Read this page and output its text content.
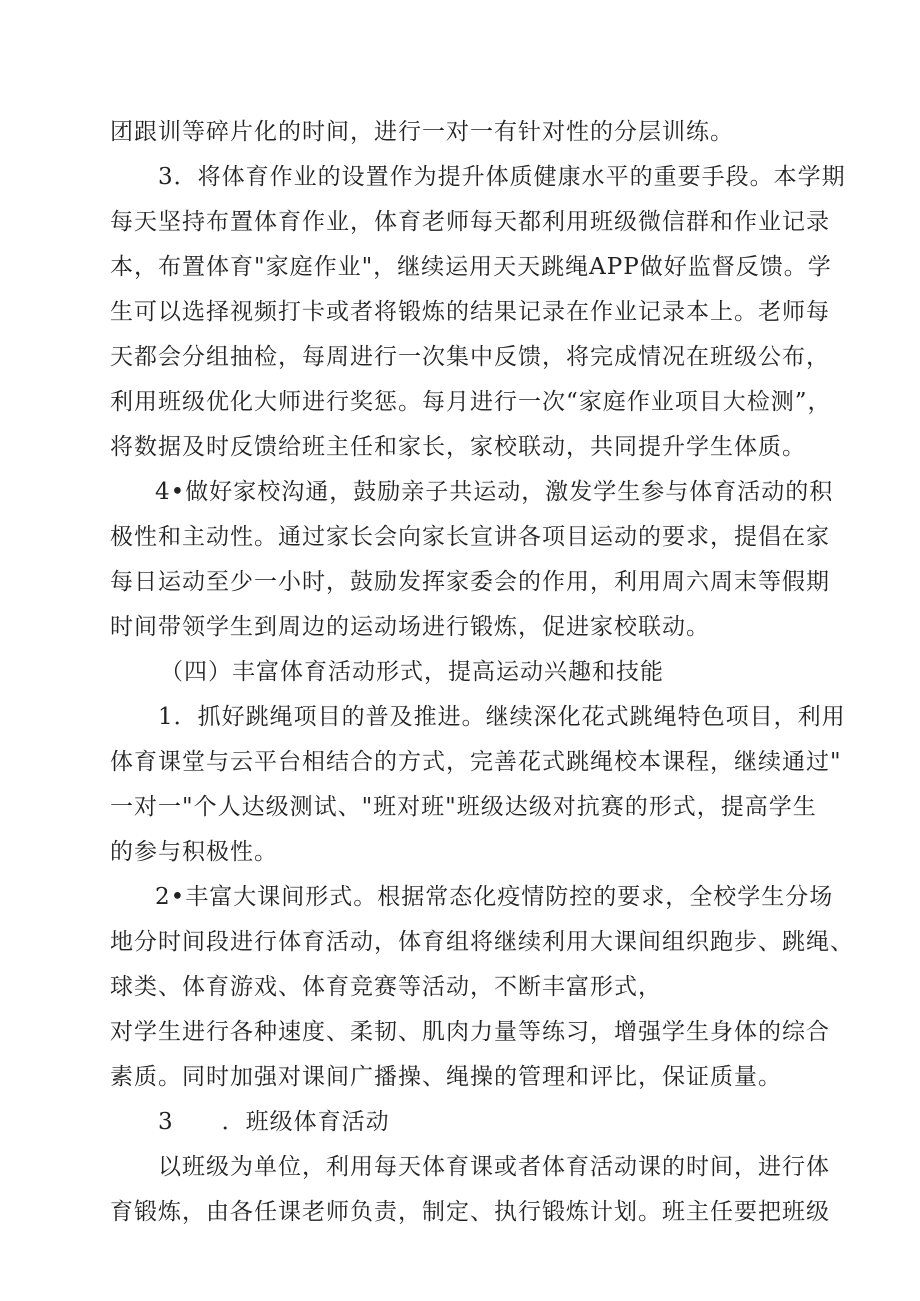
团跟训等碎片化的时间，进行一对一有针对性的分层训练。
3．将体育作业的设置作为提升体质健康水平的重要手段。本学期
每天坚持布置体育作业，体育老师每天都利用班级微信群和作业记录
本，布置体育"家庭作业"，继续运用天天跳绳APP做好监督反馈。学
生可以选择视频打卡或者将锻炼的结果记录在作业记录本上。老师每
天都会分组抽检，每周进行一次集中反馈，将完成情况在班级公布，
利用班级优化大师进行奖惩。每月进行一次“家庭作业项目大检测”，
将数据及时反馈给班主任和家长，家校联动，共同提升学生体质。
4•做好家校沟通，鼓励亲子共运动，激发学生参与体育活动的积
极性和主动性。通过家长会向家长宣讲各项目运动的要求，提倡在家
每日运动至少一小时，鼓励发挥家委会的作用，利用周六周末等假期
时间带领学生到周边的运动场进行锻炼，促进家校联动。
（四）丰富体育活动形式，提高运动兴趣和技能
1．抓好跳绳项目的普及推进。继续深化花式跳绳特色项目，利用
体育课堂与云平台相结合的方式，完善花式跳绳校本课程，继续通过"
一对一"个人达级测试、"班对班"班级达级对抗赛的形式，提高学生
的参与积极性。
2•丰富大课间形式。根据常态化疫情防控的要求，全校学生分场
地分时间段进行体育活动，体育组将继续利用大课间组织跑步、跳绳、
球类、体育游戏、体育竞赛等活动，不断丰富形式，
对学生进行各种速度、柔韧、肌肉力量等练习，增强学生身体的综合
素质。同时加强对课间广播操、绳操的管理和评比，保证质量。
3　　．班级体育活动
以班级为单位，利用每天体育课或者体育活动课的时间，进行体
育锻炼，由各任课老师负责，制定、执行锻炼计划。班主任要把班级
